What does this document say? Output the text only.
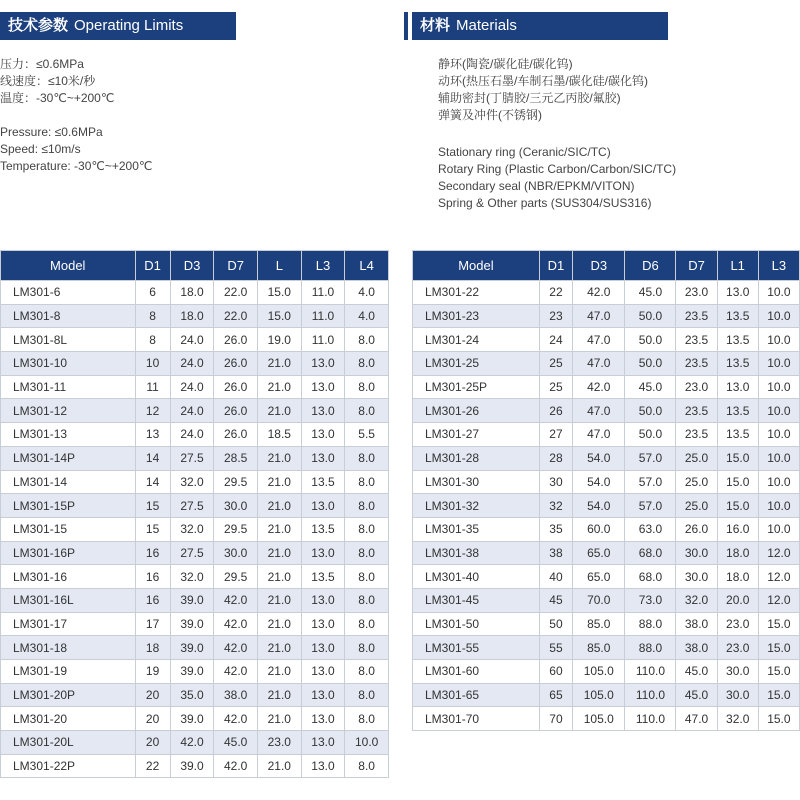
技术参数 Operating Limits	材料 Materials
压力：≤0.6MPa
线速度：≤10米/秒
温度：-30℃~+200℃
Pressure: ≤0.6MPa
Speed: ≤10m/s
Temperature: -30℃~+200℃
静环(陶瓷/碳化硅/碳化钨)
动环(热压石墨/车制石墨/碳化硅/碳化钨)
辅助密封(丁腈胶/三元乙丙胶/氟胶)
弹簧及冲件(不锈钢)
Stationary ring (Ceranic/SIC/TC)
Rotary Ring (Plastic Carbon/Carbon/SIC/TC)
Secondary seal (NBR/EPKM/VITON)
Spring & Other parts (SUS304/SUS316)
Model	D1	D3	D7	L	L3	L4
LM301-6	6	18.0	22.0	15.0	11.0	4.0
LM301-8	8	18.0	22.0	15.0	11.0	4.0
LM301-8L	8	24.0	26.0	19.0	11.0	8.0
LM301-10	10	24.0	26.0	21.0	13.0	8.0
LM301-11	11	24.0	26.0	21.0	13.0	8.0
LM301-12	12	24.0	26.0	21.0	13.0	8.0
LM301-13	13	24.0	26.0	18.5	13.0	5.5
LM301-14P	14	27.5	28.5	21.0	13.0	8.0
LM301-14	14	32.0	29.5	21.0	13.5	8.0
LM301-15P	15	27.5	30.0	21.0	13.0	8.0
LM301-15	15	32.0	29.5	21.0	13.5	8.0
LM301-16P	16	27.5	30.0	21.0	13.0	8.0
LM301-16	16	32.0	29.5	21.0	13.5	8.0
LM301-16L	16	39.0	42.0	21.0	13.0	8.0
LM301-17	17	39.0	42.0	21.0	13.0	8.0
LM301-18	18	39.0	42.0	21.0	13.0	8.0
LM301-19	19	39.0	42.0	21.0	13.0	8.0
LM301-20P	20	35.0	38.0	21.0	13.0	8.0
LM301-20	20	39.0	42.0	21.0	13.0	8.0
LM301-20L	20	42.0	45.0	23.0	13.0	10.0
LM301-22P	22	39.0	42.0	21.0	13.0	8.0
Model	D1	D3	D6	D7	L1	L3
LM301-22	22	42.0	45.0	23.0	13.0	10.0
LM301-23	23	47.0	50.0	23.5	13.5	10.0
LM301-24	24	47.0	50.0	23.5	13.5	10.0
LM301-25	25	47.0	50.0	23.5	13.5	10.0
LM301-25P	25	42.0	45.0	23.0	13.0	10.0
LM301-26	26	47.0	50.0	23.5	13.5	10.0
LM301-27	27	47.0	50.0	23.5	13.5	10.0
LM301-28	28	54.0	57.0	25.0	15.0	10.0
LM301-30	30	54.0	57.0	25.0	15.0	10.0
LM301-32	32	54.0	57.0	25.0	15.0	10.0
LM301-35	35	60.0	63.0	26.0	16.0	10.0
LM301-38	38	65.0	68.0	30.0	18.0	12.0
LM301-40	40	65.0	68.0	30.0	18.0	12.0
LM301-45	45	70.0	73.0	32.0	20.0	12.0
LM301-50	50	85.0	88.0	38.0	23.0	15.0
LM301-55	55	85.0	88.0	38.0	23.0	15.0
LM301-60	60	105.0	110.0	45.0	30.0	15.0
LM301-65	65	105.0	110.0	45.0	30.0	15.0
LM301-70	70	105.0	110.0	47.0	32.0	15.0
